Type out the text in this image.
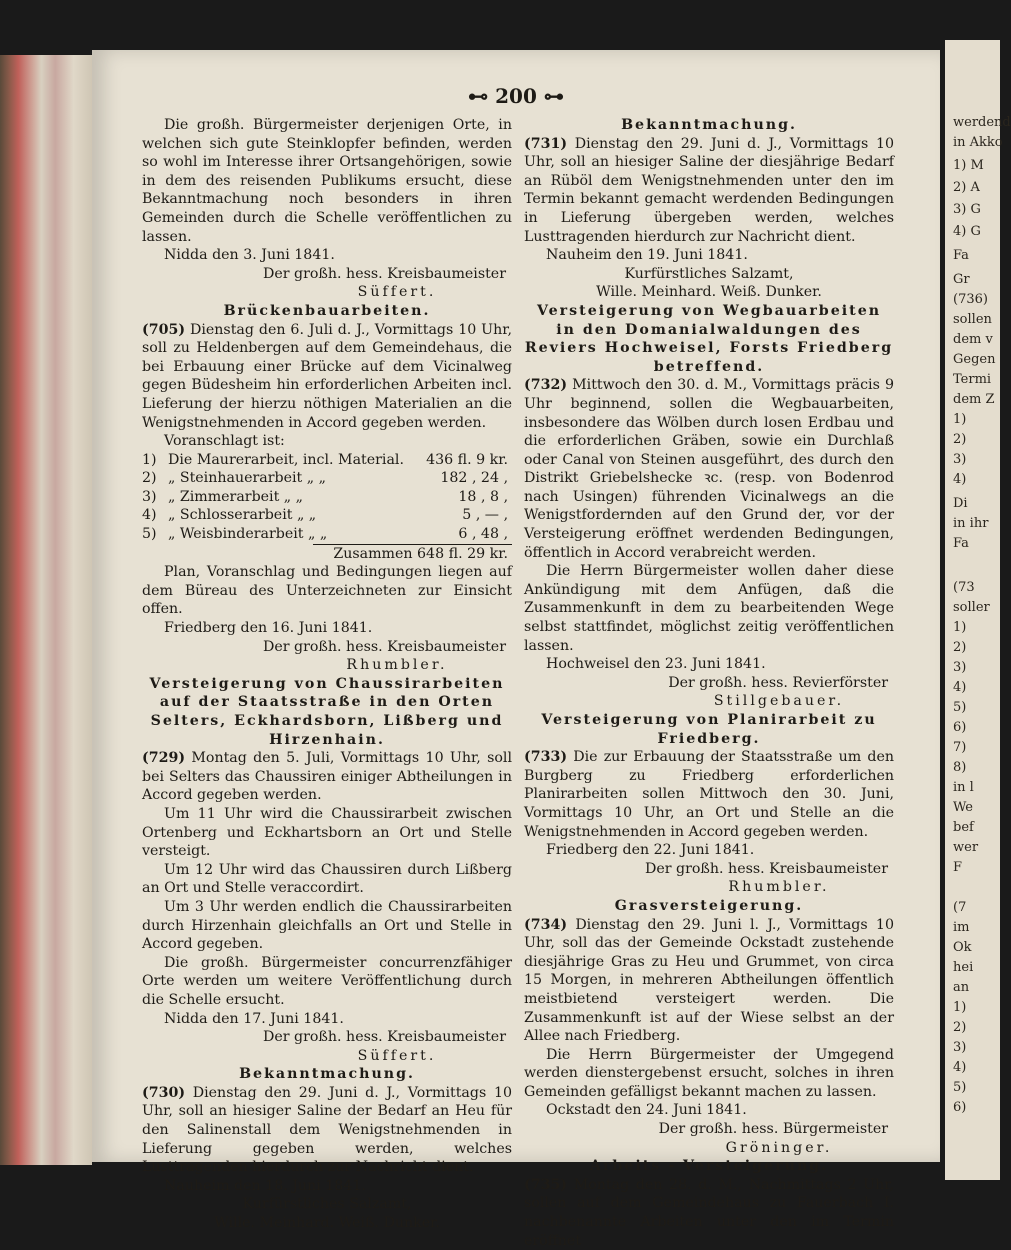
⊷ 200 ⊶

Die großh. Bürgermeister derjenigen Orte, in welchen sich gute Steinklopfer befinden, werden so wohl im Interesse ihrer Ortsangehörigen, sowie in dem des reisenden Publikums ersucht, diese Bekanntmachung noch besonders in ihren Gemeinden durch die Schelle veröffentlichen zu lassen.

Nidda den 3. Juni 1841.

Der großh. hess. Kreisbaumeister

Süffert.

Brückenbauarbeiten.

(705) Dienstag den 6. Juli d. J., Vormittags 10 Uhr, soll zu Heldenbergen auf dem Gemeindehaus, die bei Erbauung einer Brücke auf dem Vicinalweg gegen Büdesheim hin erforderlichen Arbeiten incl. Lieferung der hierzu nöthigen Materialien an die Wenigstnehmenden in Accord gegeben werden.

Voranschlagt ist:

1) Die Maurerarbeit, incl. Material.	436 fl. 9 kr.

2) „ Steinhauerarbeit „ „	182 ‚ 24 ‚

3) „ Zimmerarbeit „ „	18 ‚ 8 ‚

4) „ Schlosserarbeit „ „	5 ‚ — ‚

5) „ Weisbinderarbeit „ „	6 ‚ 48 ‚

Zusammen 648 fl. 29 kr.

Plan, Voranschlag und Bedingungen liegen auf dem Büreau des Unterzeichneten zur Einsicht offen.

Friedberg den 16. Juni 1841.

Der großh. hess. Kreisbaumeister

Rhumbler.

Versteigerung von Chaussirarbeiten auf der Staatsstraße in den Orten Selters, Eckhardsborn, Lißberg und Hirzenhain.

(729) Montag den 5. Juli, Vormittags 10 Uhr, soll bei Selters das Chaussiren einiger Abtheilungen in Accord gegeben werden.

Um 11 Uhr wird die Chaussirarbeit zwischen Ortenberg und Eckhartsborn an Ort und Stelle versteigt.

Um 12 Uhr wird das Chaussiren durch Lißberg an Ort und Stelle veraccordirt.

Um 3 Uhr werden endlich die Chaussirarbeiten durch Hirzenhain gleichfalls an Ort und Stelle in Accord gegeben.

Die großh. Bürgermeister concurrenzfähiger Orte werden um weitere Veröffentlichung durch die Schelle ersucht.

Nidda den 17. Juni 1841.

Der großh. hess. Kreisbaumeister

Süffert.

Bekanntmachung.

(730) Dienstag den 29. Juni d. J., Vormittags 10 Uhr, soll an hiesiger Saline der Bedarf an Heu für den Salinenstall dem Wenigstnehmenden in Lieferung gegeben werden, welches Lusttragenden hierdurch zur Nachricht dient.

Nauheim den 18. Juni 1841.

Kurfürstliches Salzamt,

Wille. Meinhard. Weiß. Dunker.

Bekanntmachung.

(731) Dienstag den 29. Juni d. J., Vormittags 10 Uhr, soll an hiesiger Saline der diesjährige Bedarf an Rüböl dem Wenigstnehmenden unter den im Termin bekannt gemacht werdenden Bedingungen in Lieferung übergeben werden, welches Lusttragenden hierdurch zur Nachricht dient.

Nauheim den 19. Juni 1841.

Kurfürstliches Salzamt,

Wille. Meinhard. Weiß. Dunker.

Versteigerung von Wegbauarbeiten in den Domanialwaldungen des Reviers Hochweisel, Forsts Friedberg betreffend.

(732) Mittwoch den 30. d. M., Vormittags präcis 9 Uhr beginnend, sollen die Wegbauarbeiten, insbesondere das Wölben durch losen Erdbau und die erforderlichen Gräben, sowie ein Durchlaß oder Canal von Steinen ausgeführt, des durch den Distrikt Griebelshecke ꝛc. (resp. von Bodenrod nach Usingen) führenden Vicinalwegs an die Wenigstfordernden auf den Grund der, vor der Versteigerung eröffnet werdenden Bedingungen, öffentlich in Accord verabreicht werden.

Die Herrn Bürgermeister wollen daher diese Ankündigung mit dem Anfügen, daß die Zusammenkunft in dem zu bearbeitenden Wege selbst stattfindet, möglichst zeitig veröffentlichen lassen.

Hochweisel den 23. Juni 1841.

Der großh. hess. Revierförster

Stillgebauer.

Versteigerung von Planirarbeit zu Friedberg.

(733) Die zur Erbauung der Staatsstraße um den Burgberg zu Friedberg erforderlichen Planirarbeiten sollen Mittwoch den 30. Juni, Vormittags 10 Uhr, an Ort und Stelle an die Wenigstnehmenden in Accord gegeben werden.

Friedberg den 22. Juni 1841.

Der großh. hess. Kreisbaumeister

Rhumbler.

Grasversteigerung.

(734) Dienstag den 29. Juni l. J., Vormittags 10 Uhr, soll das der Gemeinde Ockstadt zustehende diesjährige Gras zu Heu und Grummet, von circa 15 Morgen, in mehreren Abtheilungen öffentlich meistbietend versteigert werden. Die Zusammenkunft ist auf der Wiese selbst an der Allee nach Friedberg.

Die Herrn Bürgermeister der Umgegend werden dienstergebenst ersucht, solches in ihren Gemeinden gefälligst bekannt machen zu lassen.

Ockstadt den 24. Juni 1841.

Der großh. hess. Bürgermeister

Gröninger.

Arbeits - Versteigerung.

(735) Montag den 28. d. M., Nachmittags 2 Uhr, sollen auf dem Gemeindehaus zu Fauerbach I. nachbenannte Arbeiten unter den im Termin eröffnet

werdend
in Akko
1) M
2) A
3) G
4) G
Fa
Gr
(736)
sollen
dem v
Gegen
Termi
dem Z
1)
2)
3)
4)
Di
in ihr
Fa
(73
soller
1)
2)
3)
4)
5)
6)
7)
8)
in l
We
bef
wer
F
(7
im
Ok
hei
an
1)
2)
3)
4)
5)
6)
